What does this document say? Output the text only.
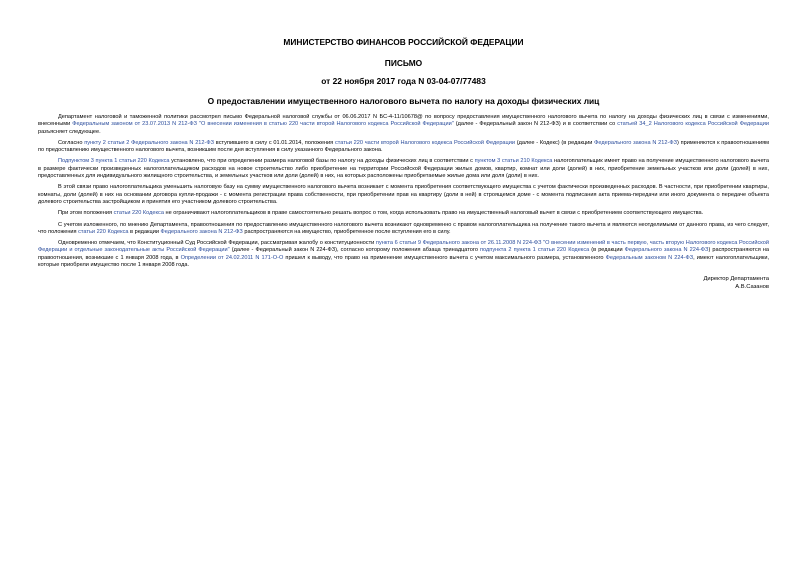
МИНИСТЕРСТВО ФИНАНСОВ РОССИЙСКОЙ ФЕДЕРАЦИИ
ПИСЬМО
от 22 ноября 2017 года N 03-04-07/77483
О предоставлении имущественного налогового вычета по налогу на доходы физических лиц

Департамент налоговой и таможенной политики рассмотрел письмо Федеральной налоговой службы от 06.06.2017 N БС-4-11/10678@ по вопросу предоставления имущественного налогового вычета по налогу на доходы физических лиц в связи с изменениями, внесенными Федеральным законом от 23.07.2013 N 212-ФЗ "О внесении изменения в статью 220 части второй Налогового кодекса Российской Федерации" (далее - Федеральный закон N 212-ФЗ) и в соответствии со статьей 34_2 Налогового кодекса Российской Федерации разъясняет следующее.

Согласно пункту 2 статьи 2 Федерального закона N 212-ФЗ вступившего в силу с 01.01.2014, положения статьи 220 части второй Налогового кодекса Российской Федерации (далее - Кодекс) (в редакции Федерального закона N 212-ФЗ) применяются к правоотношениям по предоставлению имущественного налогового вычета, возникшим после дня вступления в силу указанного Федерального закона.

Подпунктом 3 пункта 1 статьи 220 Кодекса установлено, что при определении размера налоговой базы по налогу на доходы физических лиц в соответствии с пунктом 3 статьи 210 Кодекса налогоплательщик имеет право на получение имущественного налогового вычета в размере фактически произведенных налогоплательщиком расходов на новое строительство либо приобретение на территории Российской Федерации жилых домов, квартир, комнат или доли (долей) в них, приобретение земельных участков или доли (долей) в них, предоставленных для индивидуального жилищного строительства, и земельных участков или доли (долей) в них, на которых расположены приобретаемые жилые дома или доля (доли) в них.

В этой связи право налогоплательщика уменьшить налоговую базу на сумму имущественного налогового вычета возникает с момента приобретения соответствующего имущества с учетом фактически произведенных расходов. В частности, при приобретении квартиры, комнаты, доли (долей) в них на основании договора купли-продажи - с момента регистрации права собственности, при приобретении прав на квартиру (доли в ней) в строящемся доме - с момента подписания акта приема-передачи или иного документа о передаче объекта долевого строительства застройщиком и принятия его участником долевого строительства.

При этом положения статьи 220 Кодекса не ограничивают налогоплательщиков в праве самостоятельно решать вопрос о том, когда использовать право на имущественный налоговый вычет в связи с приобретением соответствующего имущества.

С учетом изложенного, по мнению Департамента, правоотношения по предоставлению имущественного налогового вычета возникают одновременно с правом налогоплательщика на получение такого вычета и являются неотделимыми от данного права, из чего следует, что положения статьи 220 Кодекса в редакции Федерального закона N 212-ФЗ распространяются на имущество, приобретенное после вступления его в силу.

Одновременно отмечаем, что Конституционный Суд Российской Федерации, рассматривая жалобу о конституционности пункта 6 статьи 9 Федерального закона от 26.11.2008 N 224-ФЗ "О внесении изменений в часть первую, часть вторую Налогового кодекса Российской Федерации и отдельные законодательные акты Российской Федерации" (далее - Федеральный закон N 224-ФЗ), согласно которому положения абзаца тринадцатого подпункта 2 пункта 1 статьи 220 Кодекса (в редакции Федерального закона N 224-ФЗ) распространяются на правоотношения, возникшие с 1 января 2008 года, в Определении от 24.02.2011 N 171-О-О пришел к выводу, что право на применение имущественного вычета с учетом максимального размера, установленного Федеральным законом N 224-ФЗ, имеют налогоплательщики, которые приобрели имущество после 1 января 2008 года.

Директор Департамента
А.В.Сазанов
